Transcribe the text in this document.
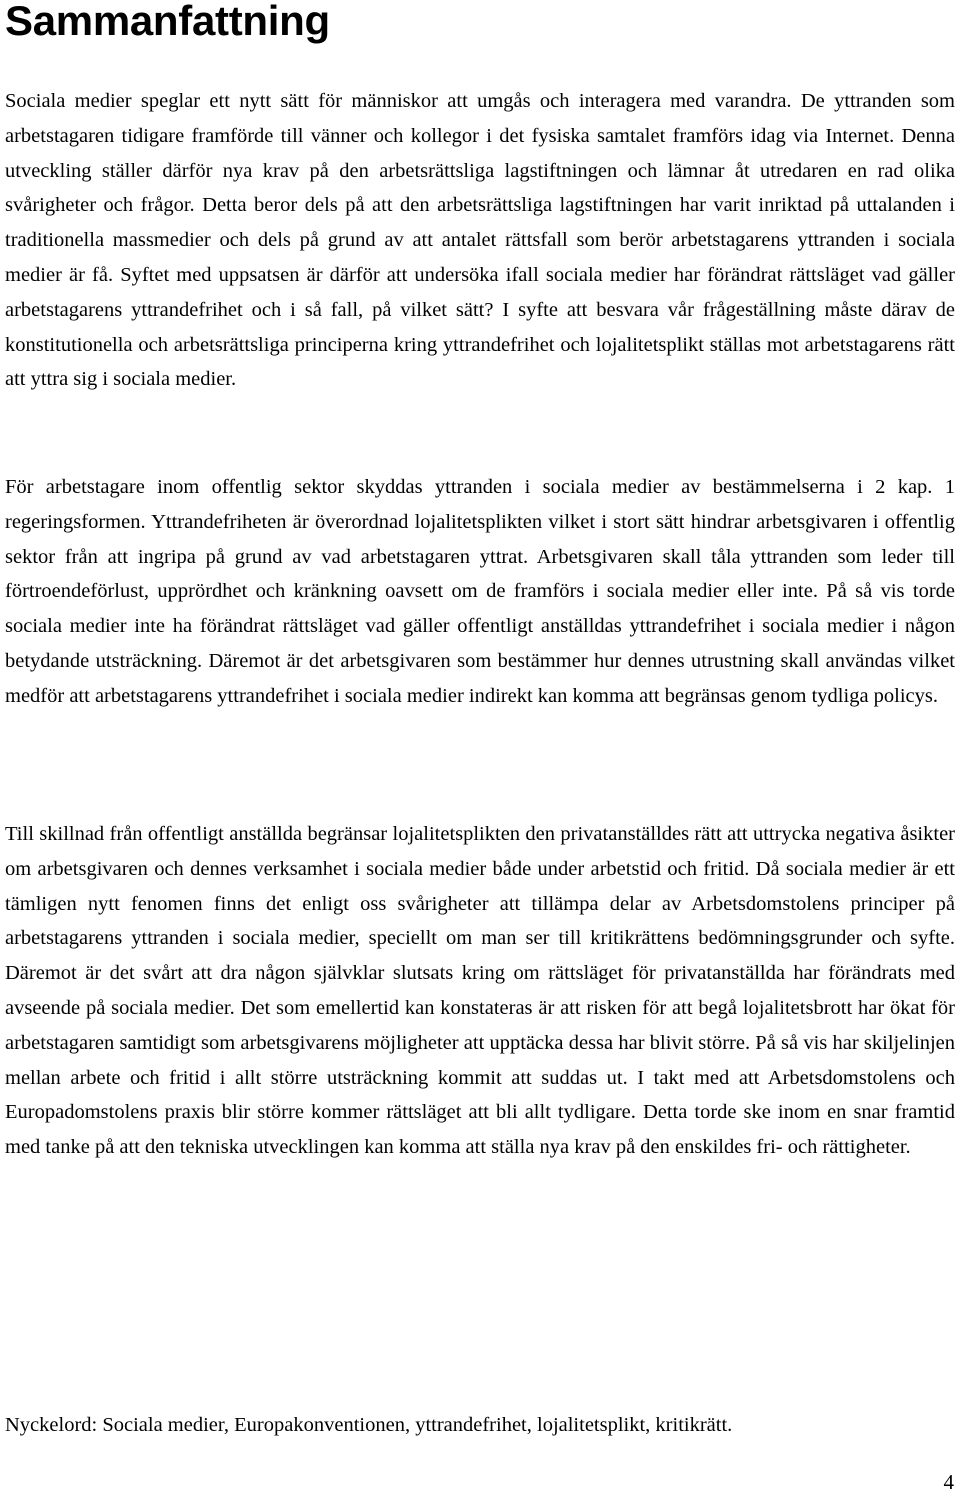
Sammanfattning

Sociala medier speglar ett nytt sätt för människor att umgås och interagera med varandra. De yttranden som arbetstagaren tidigare framförde till vänner och kollegor i det fysiska samtalet framförs idag via Internet. Denna utveckling ställer därför nya krav på den arbetsrättsliga lagstiftningen och lämnar åt utredaren en rad olika svårigheter och frågor. Detta beror dels på att den arbetsrättsliga lagstiftningen har varit inriktad på uttalanden i traditionella massmedier och dels på grund av att antalet rättsfall som berör arbetstagarens yttranden i sociala medier är få. Syftet med uppsatsen är därför att undersöka ifall sociala medier har förändrat rättsläget vad gäller arbetstagarens yttrandefrihet och i så fall, på vilket sätt? I syfte att besvara vår frågeställning måste därav de konstitutionella och arbetsrättsliga principerna kring yttrandefrihet och lojalitetsplikt ställas mot arbetstagarens rätt att yttra sig i sociala medier.

För arbetstagare inom offentlig sektor skyddas yttranden i sociala medier av bestämmelserna i 2 kap. 1 regeringsformen. Yttrandefriheten är överordnad lojalitetsplikten vilket i stort sätt hindrar arbetsgivaren i offentlig sektor från att ingripa på grund av vad arbetstagaren yttrat. Arbetsgivaren skall tåla yttranden som leder till förtroendeförlust, upprördhet och kränkning oavsett om de framförs i sociala medier eller inte. På så vis torde sociala medier inte ha förändrat rättsläget vad gäller offentligt anställdas yttrandefrihet i sociala medier i någon betydande utsträckning. Däremot är det arbetsgivaren som bestämmer hur dennes utrustning skall användas vilket medför att arbetstagarens yttrandefrihet i sociala medier indirekt kan komma att begränsas genom tydliga policys.

Till skillnad från offentligt anställda begränsar lojalitetsplikten den privatanställdes rätt att uttrycka negativa åsikter om arbetsgivaren och dennes verksamhet i sociala medier både under arbetstid och fritid. Då sociala medier är ett tämligen nytt fenomen finns det enligt oss svårigheter att tillämpa delar av Arbetsdomstolens principer på arbetstagarens yttranden i sociala medier, speciellt om man ser till kritikrättens bedömningsgrunder och syfte. Däremot är det svårt att dra någon självklar slutsats kring om rättsläget för privatanställda har förändrats med avseende på sociala medier. Det som emellertid kan konstateras är att risken för att begå lojalitetsbrott har ökat för arbetstagaren samtidigt som arbetsgivarens möjligheter att upptäcka dessa har blivit större. På så vis har skiljelinjen mellan arbete och fritid i allt större utsträckning kommit att suddas ut. I takt med att Arbetsdomstolens och Europadomstolens praxis blir större kommer rättsläget att bli allt tydligare. Detta torde ske inom en snar framtid med tanke på att den tekniska utvecklingen kan komma att ställa nya krav på den enskildes fri- och rättigheter.

Nyckelord: Sociala medier, Europakonventionen, yttrandefrihet, lojalitetsplikt, kritikrätt.

4
